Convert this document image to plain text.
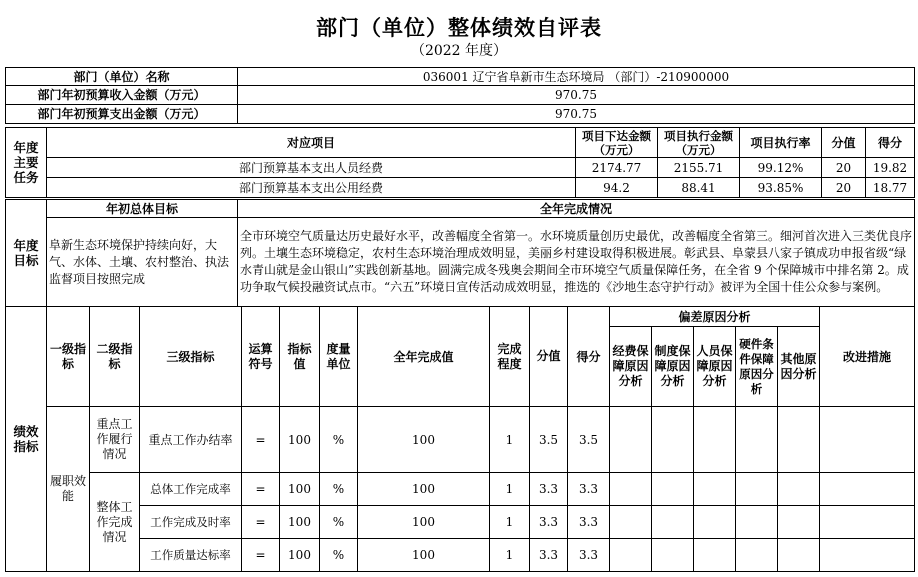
部门（单位）整体绩效自评表
（2022 年度）
部门（单位）名称	036001 辽宁省阜新市生态环境局 （部门）-210900000
部门年初预算收入金额（万元）	970.75
部门年初预算支出金额（万元）	970.75
年度主要任务	对应项目	项目下达金额（万元）	项目执行金额（万元）	项目执行率	分值	得分
	部门预算基本支出人员经费	2174.77	2155.71	99.12%	20	19.82
	部门预算基本支出公用经费	94.2	88.41	93.85%	20	18.77
年度目标	年初总体目标	全年完成情况
	阜新生态环境保护持续向好，大气、水体、土壤、农村整治、执法监督项目按照完成	全市环境空气质量达历史最好水平，改善幅度全省第一。水环境质量创历史最优，改善幅度全省第三。细河首次进入三类优良序列。土壤生态环境稳定，农村生态环境治理成效明显，美丽乡村建设取得积极进展。彰武县、阜蒙县八家子镇成功申报省级“绿水青山就是金山银山”实践创新基地。圆满完成冬残奥会期间全市环境空气质量保障任务，在全省 9 个保障城市中排名第 2。成功争取气候投融资试点市。“六五”环境日宣传活动成效明显，推选的《沙地生态守护行动》被评为全国十佳公众参与案例。
绩效指标	一级指标	二级指标	三级指标	运算符号	指标值	度量单位	全年完成值	完成程度	分值	得分	偏差原因分析					改进措施
											经费保障原因分析	制度保障原因分析	人员保障原因分析	硬件条件保障原因分析	其他原因分析	
	履职效能	重点工作履行情况	重点工作办结率	=	100	%	100	1	3.5	3.5						
		整体工作完成情况	总体工作完成率	=	100	%	100	1	3.3	3.3						
			工作完成及时率	=	100	%	100	1	3.3	3.3						
			工作质量达标率	=	100	%	100	1	3.3	3.3						
